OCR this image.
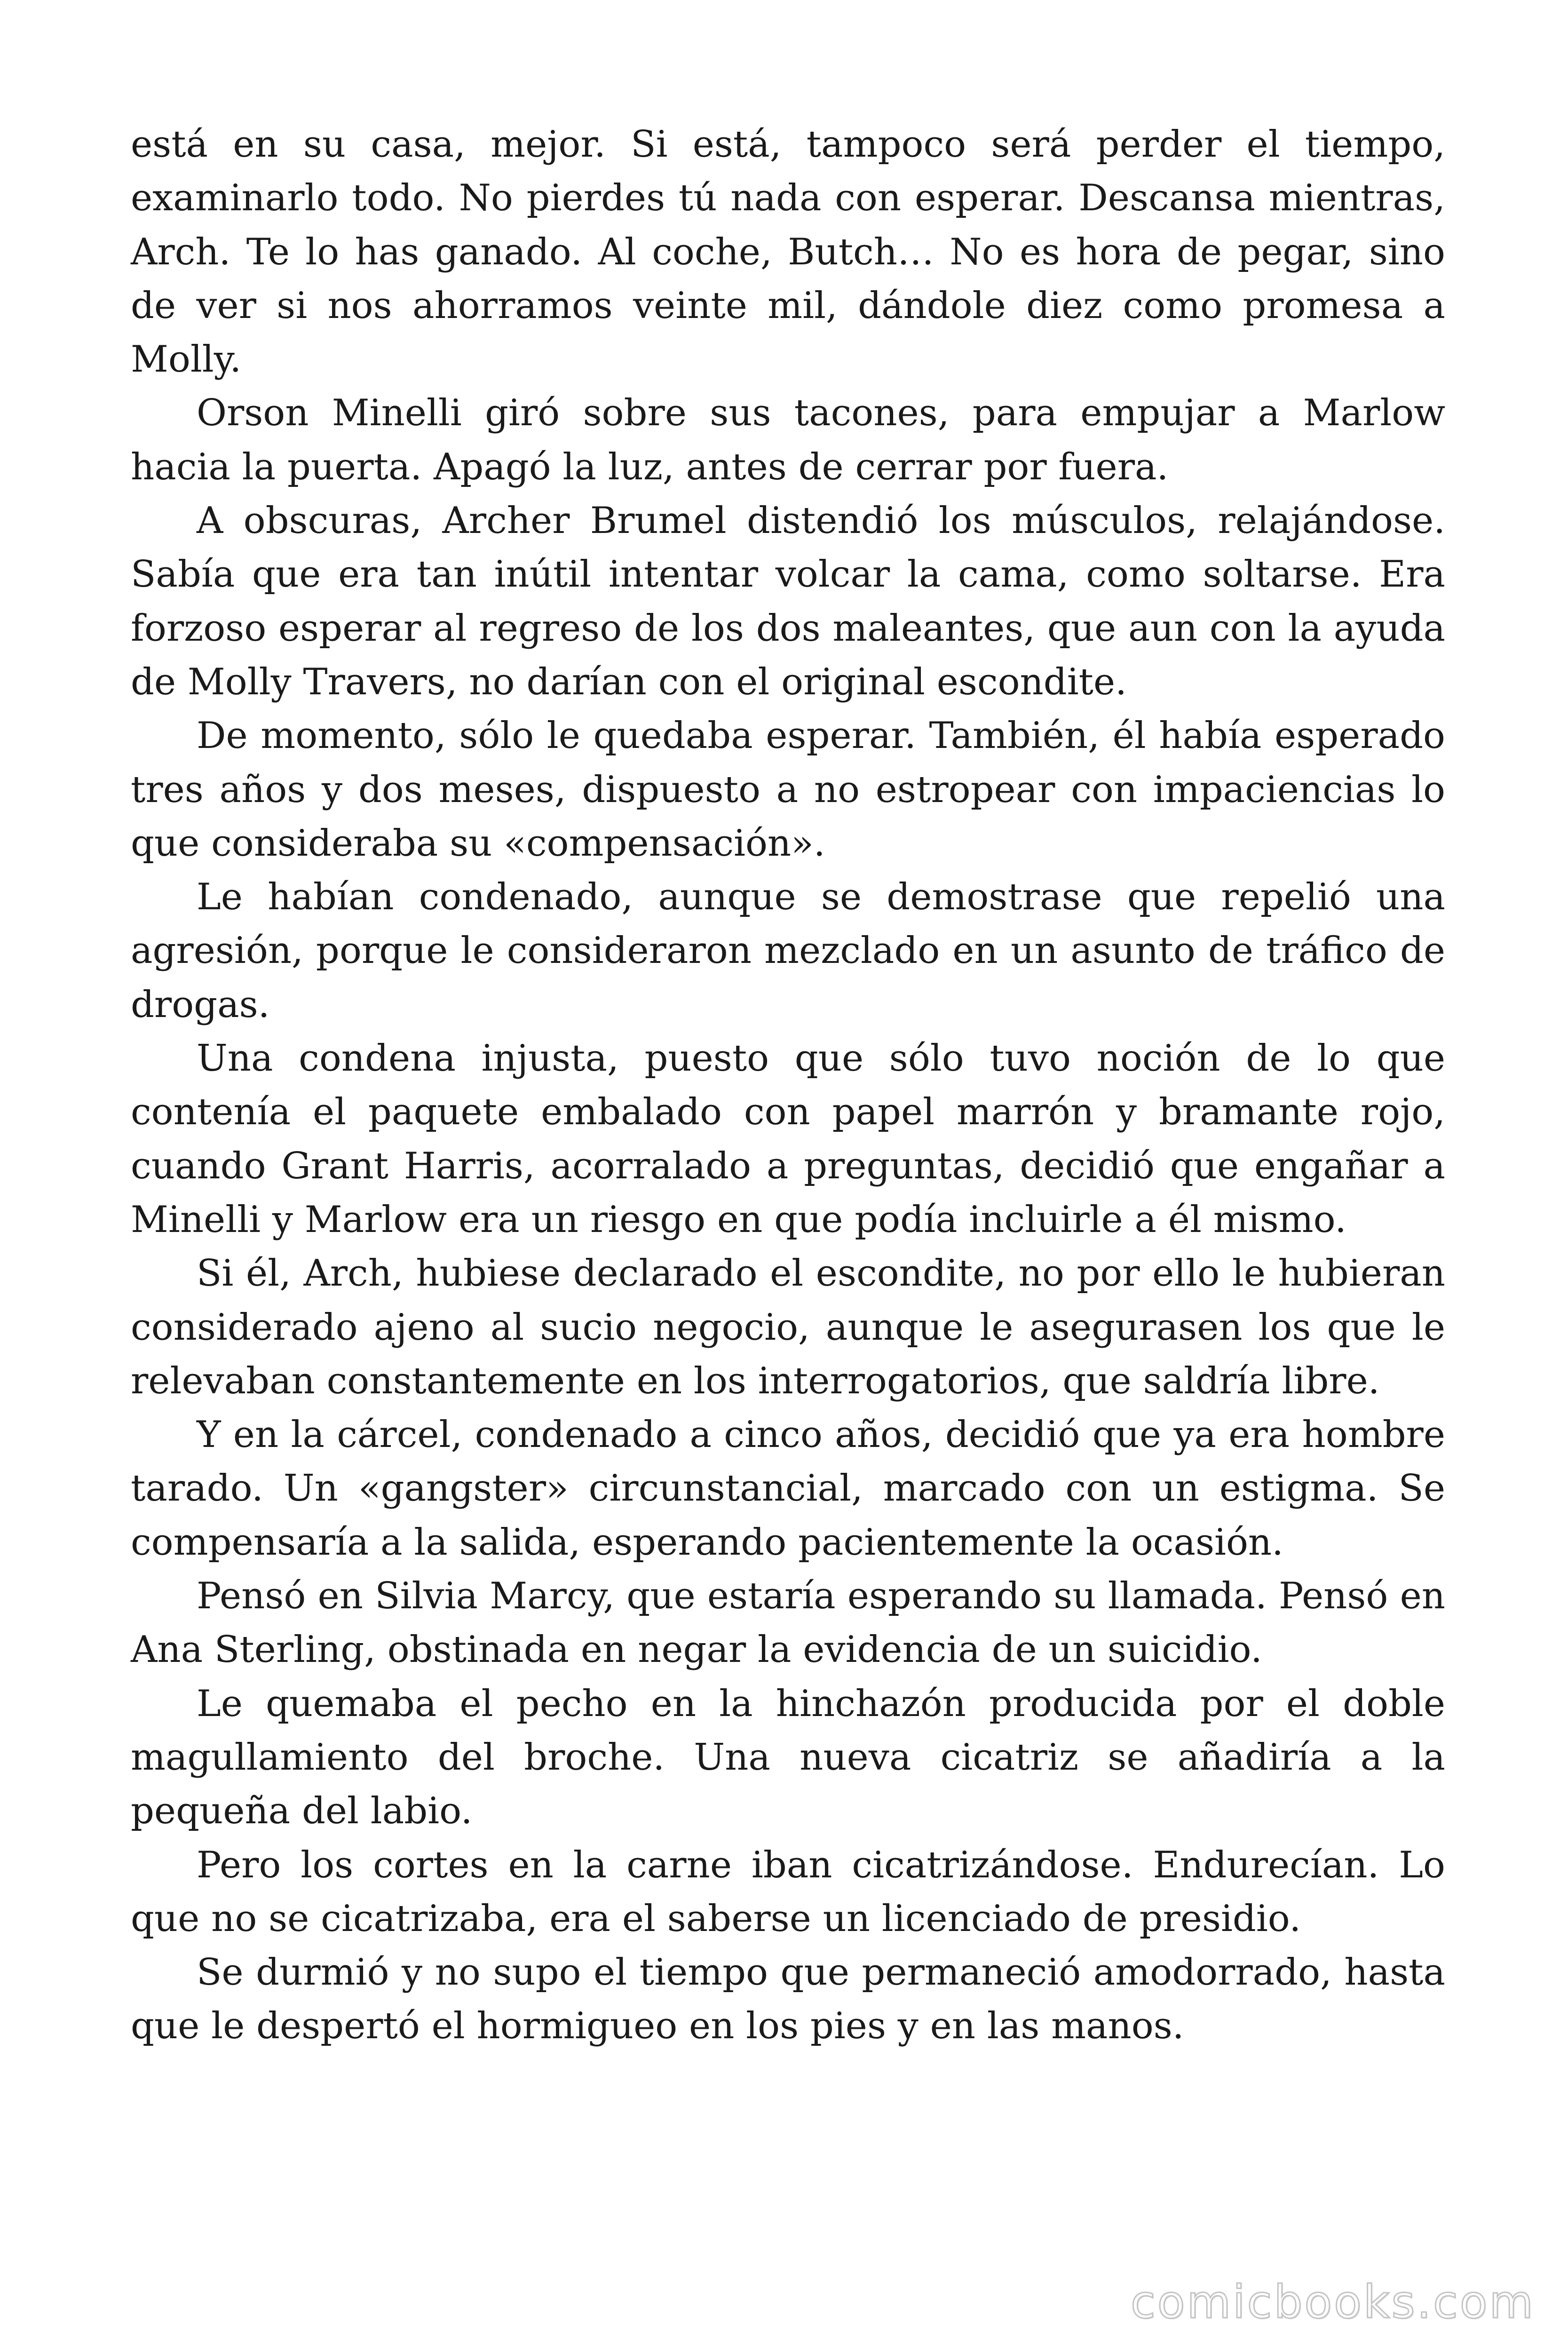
está en su casa, mejor. Si está, tampoco será perder el tiempo, examinarlo todo. No pierdes tú nada con esperar. Descansa mientras, Arch. Te lo has ganado. Al coche, Butch… No es hora de pegar, sino de ver si nos ahorramos veinte mil, dándole diez como promesa a Molly.

Orson Minelli giró sobre sus tacones, para empujar a Marlow hacia la puerta. Apagó la luz, antes de cerrar por fuera.

A obscuras, Archer Brumel distendió los músculos, relajándose. Sabía que era tan inútil intentar volcar la cama, como soltarse. Era forzoso esperar al regreso de los dos maleantes, que aun con la ayuda de Molly Travers, no darían con el original escondite.

De momento, sólo le quedaba esperar. También, él había esperado tres años y dos meses, dispuesto a no estropear con impaciencias lo que consideraba su «compensación».

Le habían condenado, aunque se demostrase que repelió una agresión, porque le consideraron mezclado en un asunto de tráfico de drogas.

Una condena injusta, puesto que sólo tuvo noción de lo que contenía el paquete embalado con papel marrón y bramante rojo, cuando Grant Harris, acorralado a preguntas, decidió que engañar a Minelli y Marlow era un riesgo en que podía incluirle a él mismo.

Si él, Arch, hubiese declarado el escondite, no por ello le hubieran considerado ajeno al sucio negocio, aunque le asegurasen los que le relevaban constantemente en los interrogatorios, que saldría libre.

Y en la cárcel, condenado a cinco años, decidió que ya era hombre tarado. Un «gangster» circunstancial, marcado con un estigma. Se compensaría a la salida, esperando pacientemente la ocasión.

Pensó en Silvia Marcy, que estaría esperando su llamada. Pensó en Ana Sterling, obstinada en negar la evidencia de un suicidio.

Le quemaba el pecho en la hinchazón producida por el doble magullamiento del broche. Una nueva cicatriz se añadiría a la pequeña del labio.

Pero los cortes en la carne iban cicatrizándose. Endurecían. Lo que no se cicatrizaba, era el saberse un licenciado de presidio.

Se durmió y no supo el tiempo que permaneció amodorrado, hasta que le despertó el hormigueo en los pies y en las manos.

comicbooks.com
